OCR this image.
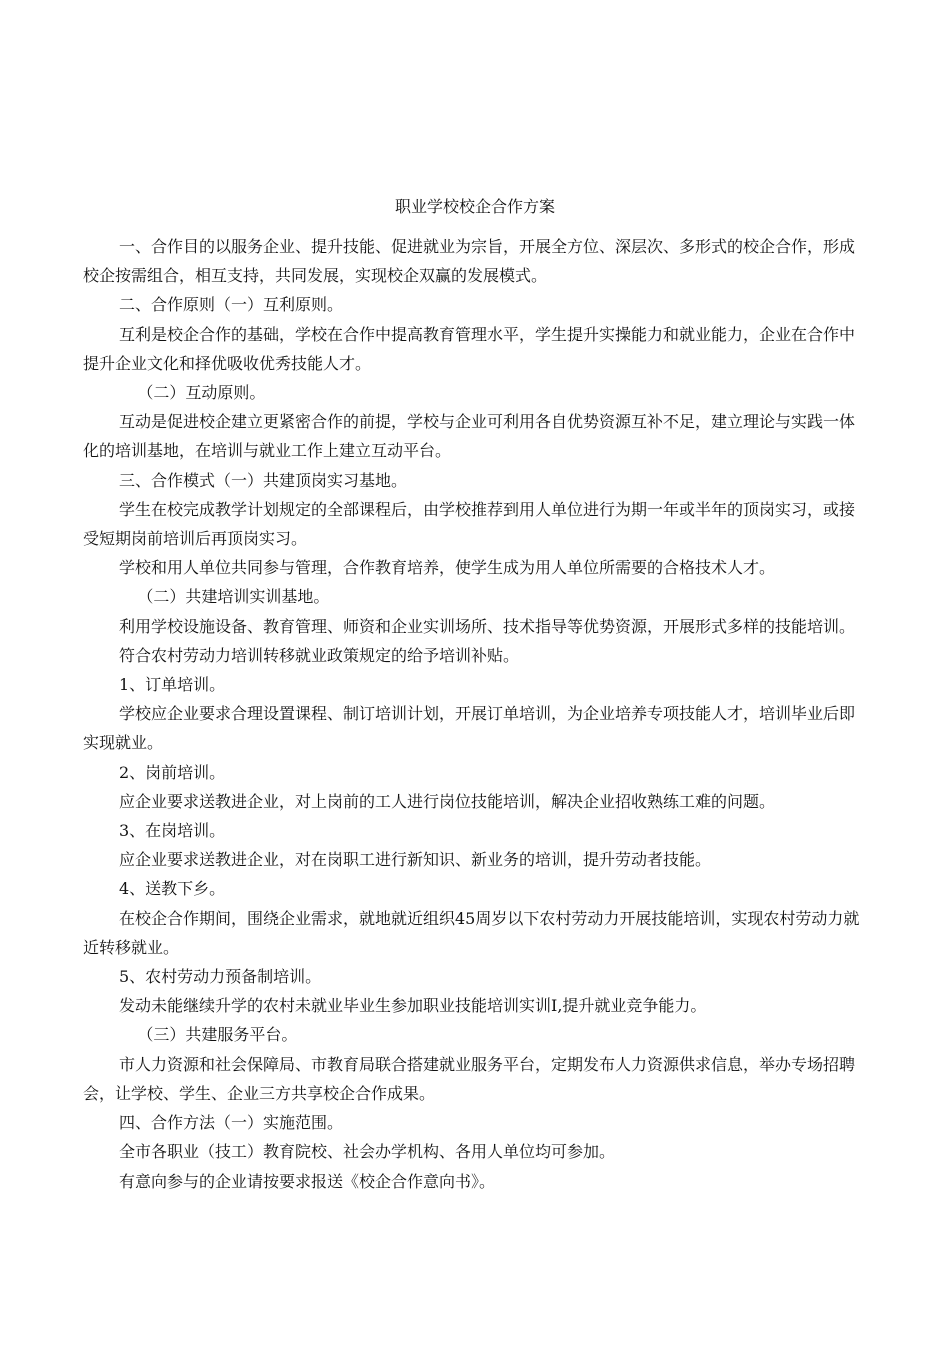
职业学校校企合作方案

一、合作目的以服务企业、提升技能、促进就业为宗旨，开展全方位、深层次、多形式的校企合作，形成校企按需组合，相互支持，共同发展，实现校企双赢的发展模式。

二、合作原则（一）互利原则。

互利是校企合作的基础，学校在合作中提高教育管理水平，学生提升实操能力和就业能力，企业在合作中提升企业文化和择优吸收优秀技能人才。

（二）互动原则。

互动是促进校企建立更紧密合作的前提，学校与企业可利用各自优势资源互补不足，建立理论与实践一体化的培训基地，在培训与就业工作上建立互动平台。

三、合作模式（一）共建顶岗实习基地。

学生在校完成教学计划规定的全部课程后，由学校推荐到用人单位进行为期一年或半年的顶岗实习，或接受短期岗前培训后再顶岗实习。

学校和用人单位共同参与管理，合作教育培养，使学生成为用人单位所需要的合格技术人才。

（二）共建培训实训基地。

利用学校设施设备、教育管理、师资和企业实训场所、技术指导等优势资源，开展形式多样的技能培训。

符合农村劳动力培训转移就业政策规定的给予培训补贴。

1、订单培训。

学校应企业要求合理设置课程、制订培训计划，开展订单培训，为企业培养专项技能人才，培训毕业后即实现就业。

2、岗前培训。

应企业要求送教进企业，对上岗前的工人进行岗位技能培训，解决企业招收熟练工难的问题。

3、在岗培训。

应企业要求送教进企业，对在岗职工进行新知识、新业务的培训，提升劳动者技能。

4、送教下乡。

在校企合作期间，围绕企业需求，就地就近组织45周岁以下农村劳动力开展技能培训，实现农村劳动力就近转移就业。

5、农村劳动力预备制培训。

发动未能继续升学的农村未就业毕业生参加职业技能培训实训I,提升就业竞争能力。

（三）共建服务平台。

市人力资源和社会保障局、市教育局联合搭建就业服务平台，定期发布人力资源供求信息，举办专场招聘会，让学校、学生、企业三方共享校企合作成果。

四、合作方法（一）实施范围。

全市各职业（技工）教育院校、社会办学机构、各用人单位均可参加。

有意向参与的企业请按要求报送《校企合作意向书》。
